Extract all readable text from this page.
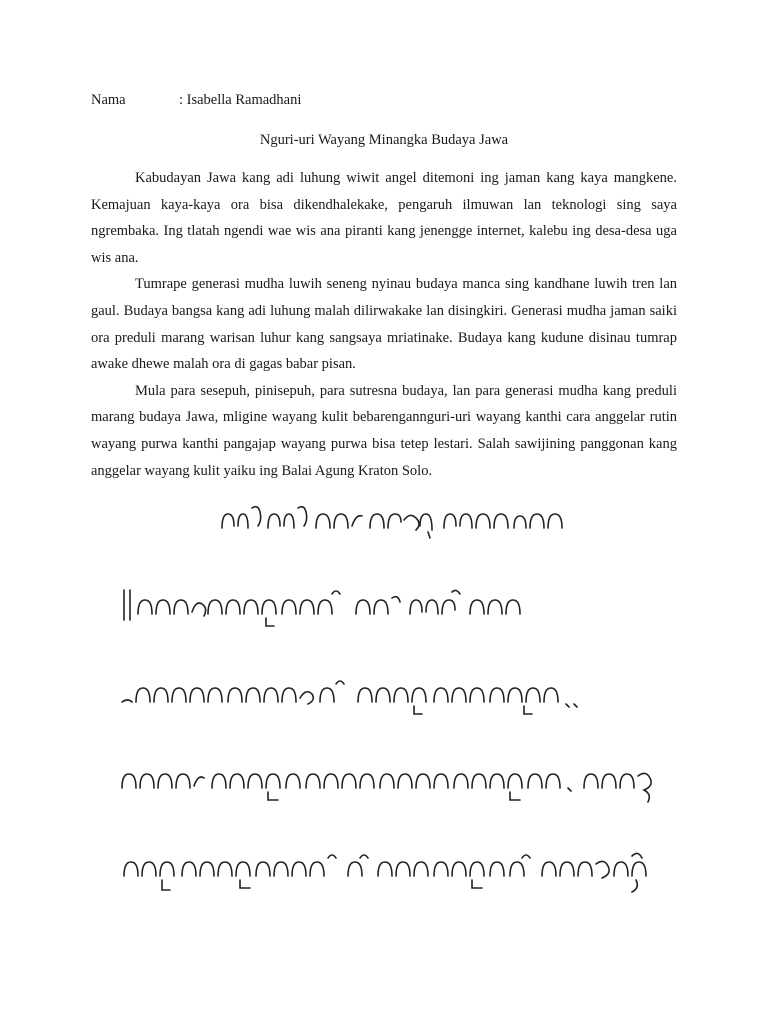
Nama	: Isabella Ramadhani
Nguri-uri Wayang Minangka Budaya Jawa

Kabudayan Jawa kang adi luhung wiwit angel ditemoni ing jaman kang kaya mangkene. Kemajuan kaya-kaya ora bisa dikendhalekake, pengaruh ilmuwan lan teknologi sing saya ngrembaka. Ing tlatah ngendi wae wis ana piranti kang jenengge internet, kalebu ing desa-desa uga wis ana.

Tumrape generasi mudha luwih seneng nyinau budaya manca sing kandhane luwih tren lan gaul. Budaya bangsa kang adi luhung malah dilirwakake lan disingkiri. Generasi mudha jaman saiki ora preduli marang warisan luhur kang sangsaya mriatinake. Budaya kang kudune disinau tumrap awake dhewe malah ora di gagas babar pisan.

Mula para sesepuh, pinisepuh, para sutresna budaya, lan para generasi mudha kang preduli marang budaya Jawa, mligine wayang kulit bebarengannguri-uri wayang kanthi cara anggelar rutin wayang purwa kanthi pangajap wayang purwa bisa tetep lestari. Salah sawijining panggonan kang anggelar wayang kulit yaiku ing Balai Agung Kraton Solo.
